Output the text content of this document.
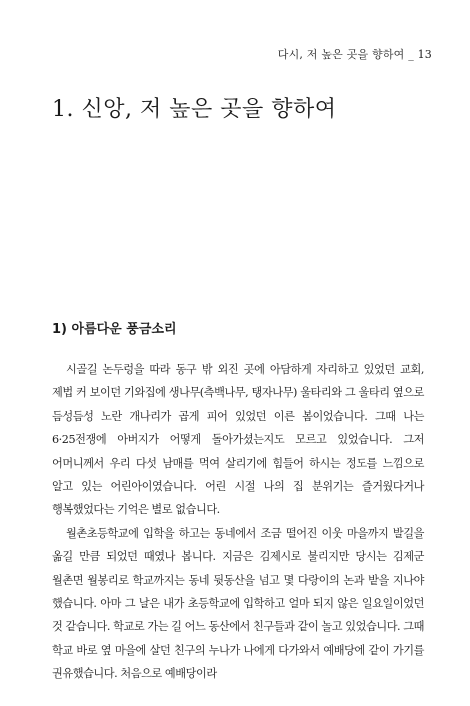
다시, 저 높은 곳을 향하여 _ 13
1. 신앙, 저 높은 곳을 향하여
1) 아름다운 풍금소리

시골길 논두렁을 따라 동구 밖 외진 곳에 아담하게 자리하고 있었던 교회, 제법 커 보이던 기와집에 생나무(측백나무, 탱자나무) 울타리와 그 울타리 옆으로 듬성듬성 노란 개나리가 곱게 피어 있었던 이른 봄이었습니다. 그때 나는 6·25전쟁에 아버지가 어떻게 돌아가셨는지도 모르고 있었습니다. 그저 어머니께서 우리 다섯 남매를 먹여 살리기에 힘들어 하시는 정도를 느낌으로 알고 있는 어린아이였습니다. 어린 시절 나의 집 분위기는 즐거웠다거나 행복했었다는 기억은 별로 없습니다.

월촌초등학교에 입학을 하고는 동네에서 조금 떨어진 이웃 마을까지 발길을 옮길 만큼 되었던 때였나 봅니다. 지금은 김제시로 불리지만 당시는 김제군 월촌면 월봉리로 학교까지는 동네 뒷동산을 넘고 몇 다랑이의 논과 밭을 지나야 했습니다. 아마 그 날은 내가 초등학교에 입학하고 얼마 되지 않은 일요일이었던 것 같습니다. 학교로 가는 길 어느 동산에서 친구들과 같이 놀고 있었습니다. 그때 학교 바로 옆 마을에 살던 친구의 누나가 나에게 다가와서 예배당에 같이 가기를 권유했습니다. 처음으로 예배당이라
